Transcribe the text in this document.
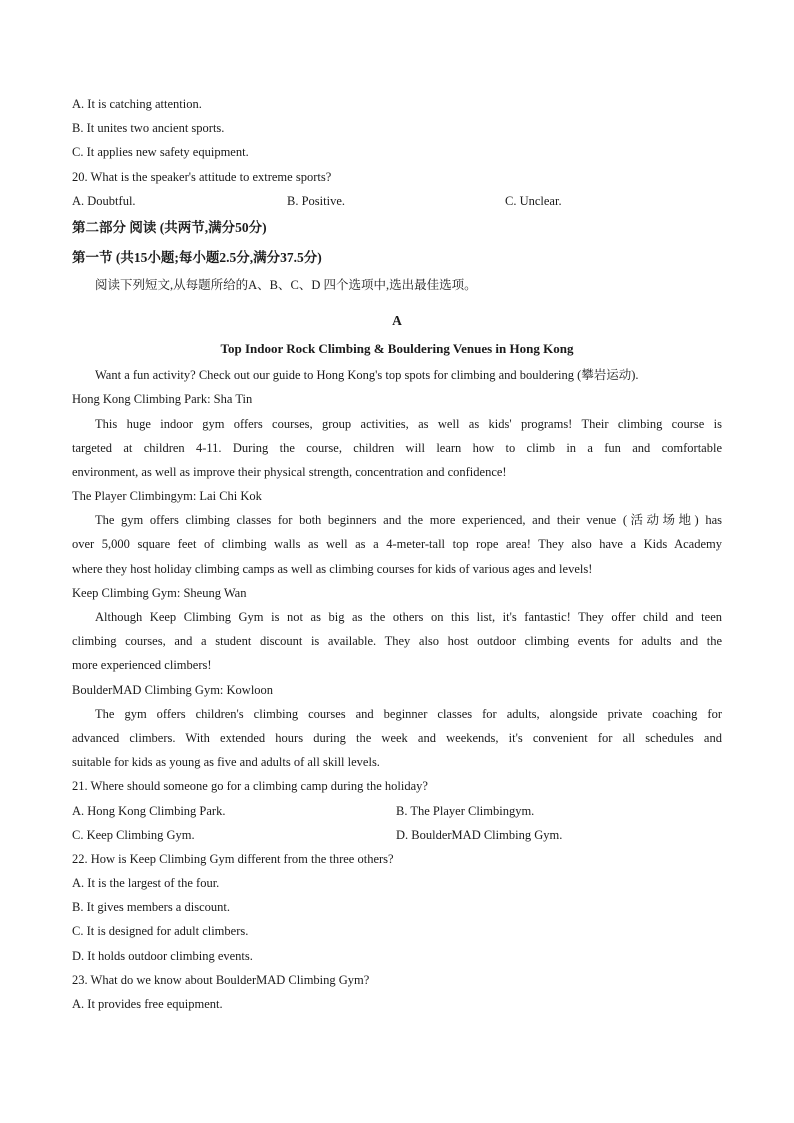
A. It is catching attention.
B. It unites two ancient sports.
C. It applies new safety equipment.
20. What is the speaker's attitude to extreme sports?
A. Doubtful.	B. Positive.	C. Unclear.
第二部分 阅读 (共两节,满分50分)
第一节 (共15小题;每小题2.5分,满分37.5分)
阅读下列短文,从每题所给的A、B、C、D 四个选项中,选出最佳选项。
A
Top Indoor Rock Climbing & Bouldering Venues in Hong Kong
Want a fun activity? Check out our guide to Hong Kong's top spots for climbing and bouldering (攀岩运动).
Hong Kong Climbing Park: Sha Tin
This huge indoor gym offers courses, group activities, as well as kids' programs! Their climbing course is
targeted at children 4-11. During the course, children will learn how to climb in a fun and comfortable
environment, as well as improve their physical strength, concentration and confidence!
The Player Climbingym: Lai Chi Kok
The gym offers climbing classes for both beginners and the more experienced, and their venue (活动场地) has
over 5,000 square feet of climbing walls as well as a 4-meter-tall top rope area! They also have a Kids Academy
where they host holiday climbing camps as well as climbing courses for kids of various ages and levels!
Keep Climbing Gym: Sheung Wan
Although Keep Climbing Gym is not as big as the others on this list, it's fantastic! They offer child and teen
climbing courses, and a student discount is available. They also host outdoor climbing events for adults and the
more experienced climbers!
BoulderMAD Climbing Gym: Kowloon
The gym offers children's climbing courses and beginner classes for adults, alongside private coaching for
advanced climbers. With extended hours during the week and weekends, it's convenient for all schedules and
suitable for kids as young as five and adults of all skill levels.
21. Where should someone go for a climbing camp during the holiday?
A. Hong Kong Climbing Park.	B. The Player Climbingym.
C. Keep Climbing Gym.	D. BoulderMAD Climbing Gym.
22. How is Keep Climbing Gym different from the three others?
A. It is the largest of the four.
B. It gives members a discount.
C. It is designed for adult climbers.
D. It holds outdoor climbing events.
23. What do we know about BoulderMAD Climbing Gym?
A. It provides free equipment.
